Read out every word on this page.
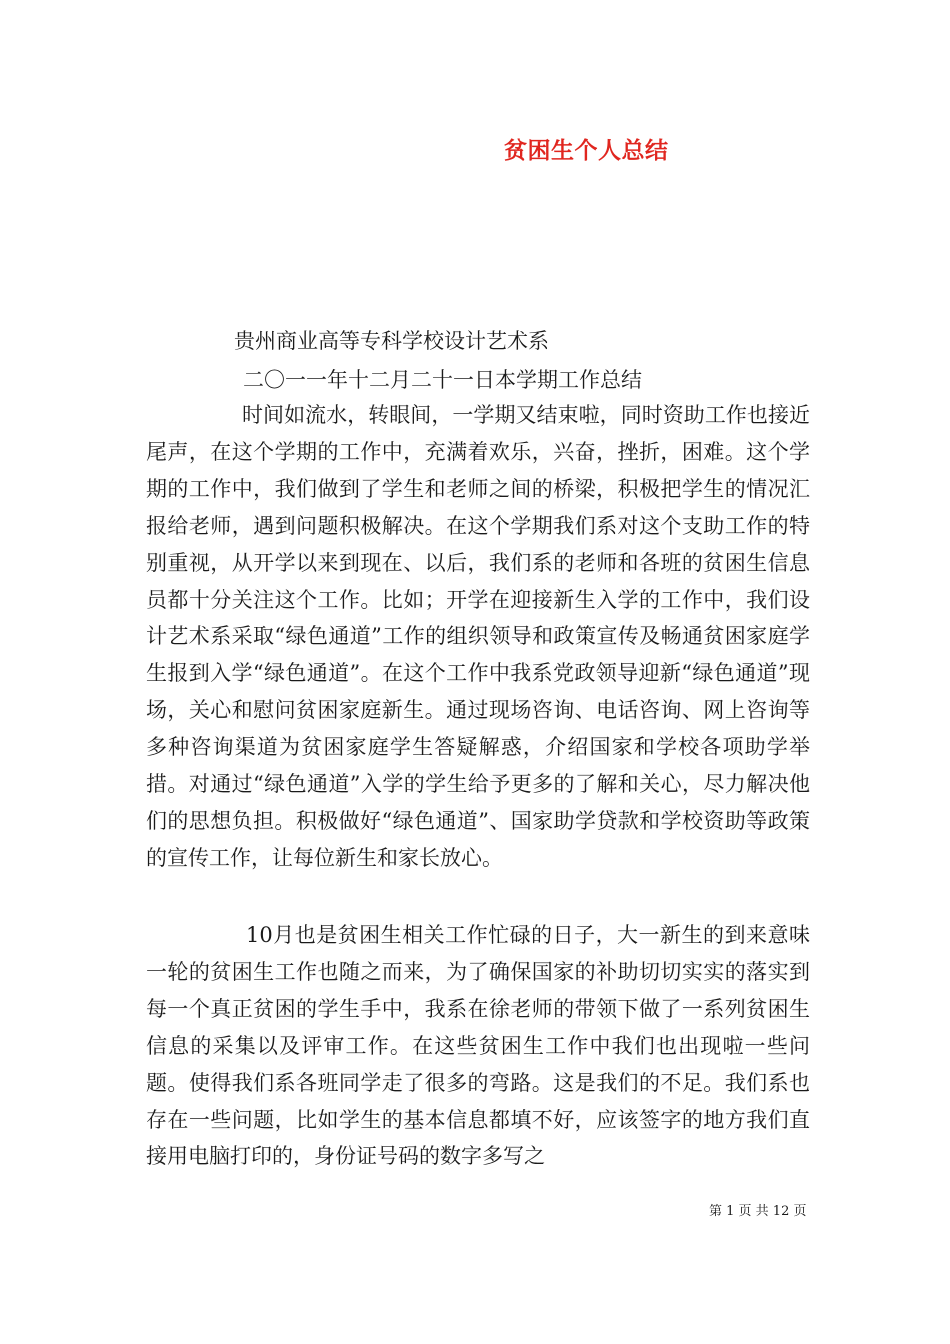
贫困生个人总结
贵州商业高等专科学校设计艺术系
二〇一一年十二月二十一日本学期工作总结

时间如流水，转眼间，一学期又结束啦，同时资助工作也接近尾声，在这个学期的工作中，充满着欢乐，兴奋，挫折，困难。这个学期的工作中，我们做到了学生和老师之间的桥梁，积极把学生的情况汇报给老师，遇到问题积极解决。在这个学期我们系对这个支助工作的特别重视，从开学以来到现在、以后，我们系的老师和各班的贫困生信息员都十分关注这个工作。比如；开学在迎接新生入学的工作中，我们设计艺术系采取“绿色通道”工作的组织领导和政策宣传及畅通贫困家庭学生报到入学“绿色通道”。在这个工作中我系党政领导迎新“绿色通道”现场，关心和慰问贫困家庭新生。通过现场咨询、电话咨询、网上咨询等多种咨询渠道为贫困家庭学生答疑解惑，介绍国家和学校各项助学举措。对通过“绿色通道”入学的学生给予更多的了解和关心，尽力解决他们的思想负担。积极做好“绿色通道”、国家助学贷款和学校资助等政策的宣传工作，让每位新生和家长放心。

10月也是贫困生相关工作忙碌的日子，大一新生的到来意味一轮的贫困生工作也随之而来，为了确保国家的补助切切实实的落实到每一个真正贫困的学生手中，我系在徐老师的带领下做了一系列贫困生信息的采集以及评审工作。在这些贫困生工作中我们也出现啦一些问题。使得我们系各班同学走了很多的弯路。这是我们的不足。我们系也存在一些问题，比如学生的基本信息都填不好，应该签字的地方我们直接用电脑打印的，身份证号码的数字多写之

第 1 页 共 12 页
